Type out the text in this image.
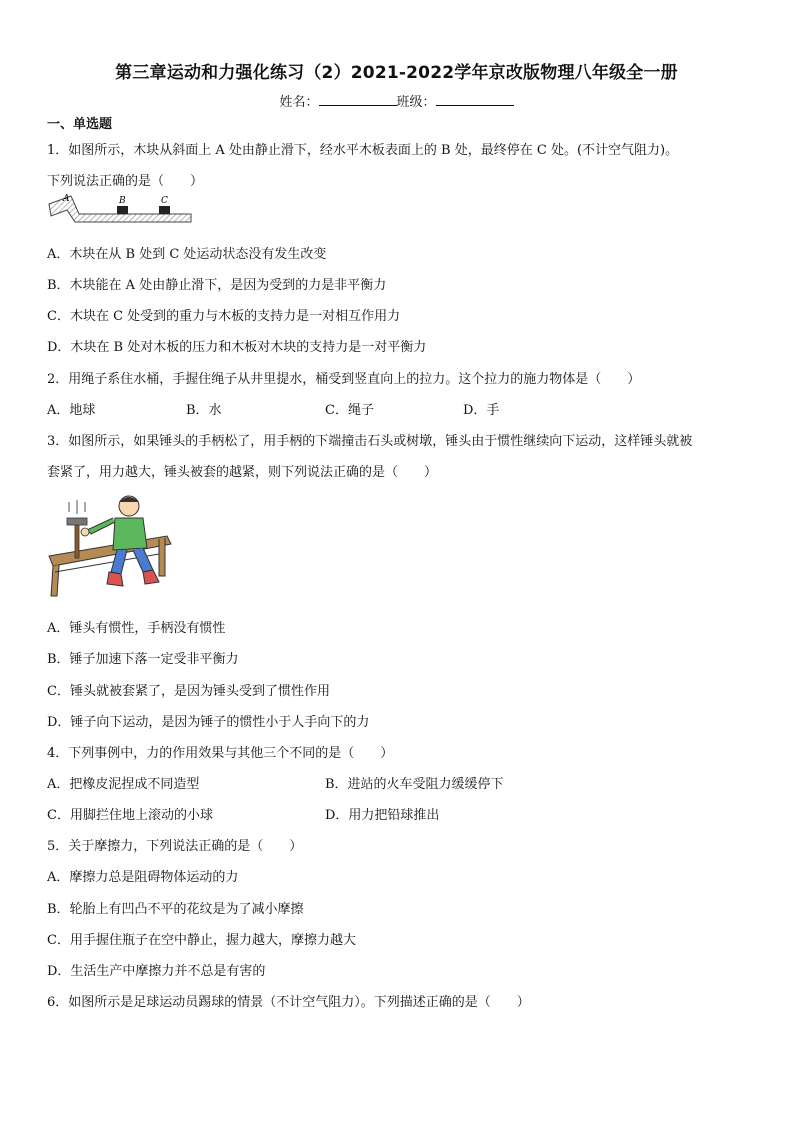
第三章运动和力强化练习（2）2021-2022学年京改版物理八年级全一册
姓名：	班级：
一、单选题
1．如图所示，木块从斜面上 A 处由静止滑下，经水平木板表面上的 B 处，最终停在 C 处。(不计空气阻力)。
下列说法正确的是（　　）
A	B	C
A．木块在从 B 处到 C 处运动状态没有发生改变
B．木块能在 A 处由静止滑下，是因为受到的力是非平衡力
C．木块在 C 处受到的重力与木板的支持力是一对相互作用力
D．木块在 B 处对木板的压力和木板对木块的支持力是一对平衡力
2．用绳子系住水桶，手握住绳子从井里提水，桶受到竖直向上的拉力。这个拉力的施力物体是（　　）
A．地球	B．水	C．绳子	D．手
3．如图所示，如果锤头的手柄松了，用手柄的下端撞击石头或树墩，锤头由于惯性继续向下运动，这样锤头就被
套紧了，用力越大，锤头被套的越紧，则下列说法正确的是（　　）
A．锤头有惯性，手柄没有惯性
B．锤子加速下落一定受非平衡力
C．锤头就被套紧了，是因为锤头受到了惯性作用
D．锤子向下运动，是因为锤子的惯性小于人手向下的力
4．下列事例中，力的作用效果与其他三个不同的是（　　）
A．把橡皮泥捏成不同造型	B．进站的火车受阻力缓缓停下
C．用脚拦住地上滚动的小球	D．用力把铅球推出
5．关于摩擦力，下列说法正确的是（　　）
A．摩擦力总是阻碍物体运动的力
B．轮胎上有凹凸不平的花纹是为了减小摩擦
C．用手握住瓶子在空中静止，握力越大，摩擦力越大
D．生活生产中摩擦力并不总是有害的
6．如图所示是足球运动员踢球的情景（不计空气阻力）。下列描述正确的是（　　）
